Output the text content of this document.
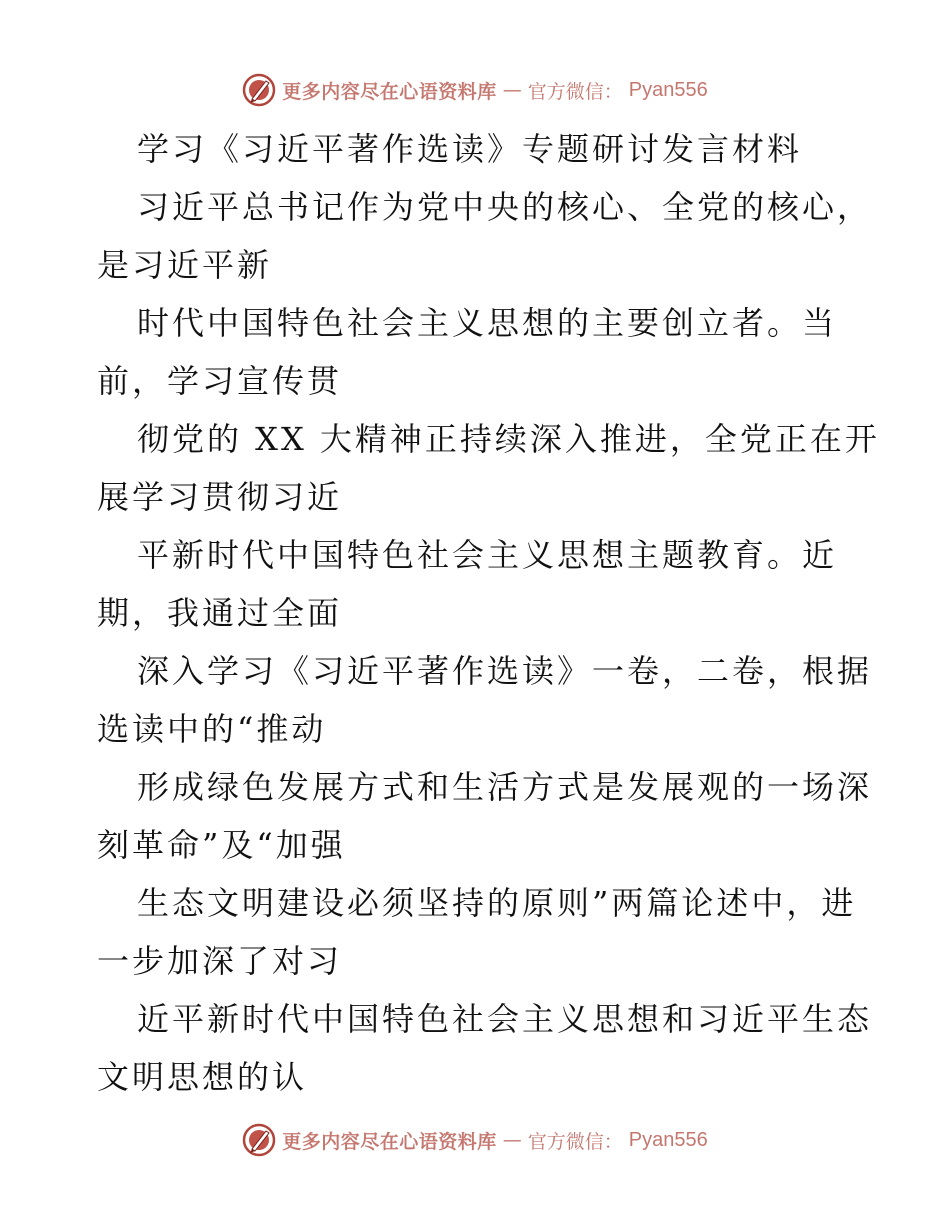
更多内容尽在心语资料库 — 官方微信： Pyan556
学习《习近平著作选读》专题研讨发言材料
习近平总书记作为党中央的核心、全党的核心，
是习近平新
时代中国特色社会主义思想的主要创立者。当
前，学习宣传贯
彻党的 XX 大精神正持续深入推进，全党正在开
展学习贯彻习近
平新时代中国特色社会主义思想主题教育。近
期，我通过全面
深入学习《习近平著作选读》一卷，二卷，根据
选读中的“推动
形成绿色发展方式和生活方式是发展观的一场深
刻革命”及“加强
生态文明建设必须坚持的原则”两篇论述中，进
一步加深了对习
近平新时代中国特色社会主义思想和习近平生态
文明思想的认
更多内容尽在心语资料库 — 官方微信： Pyan556
